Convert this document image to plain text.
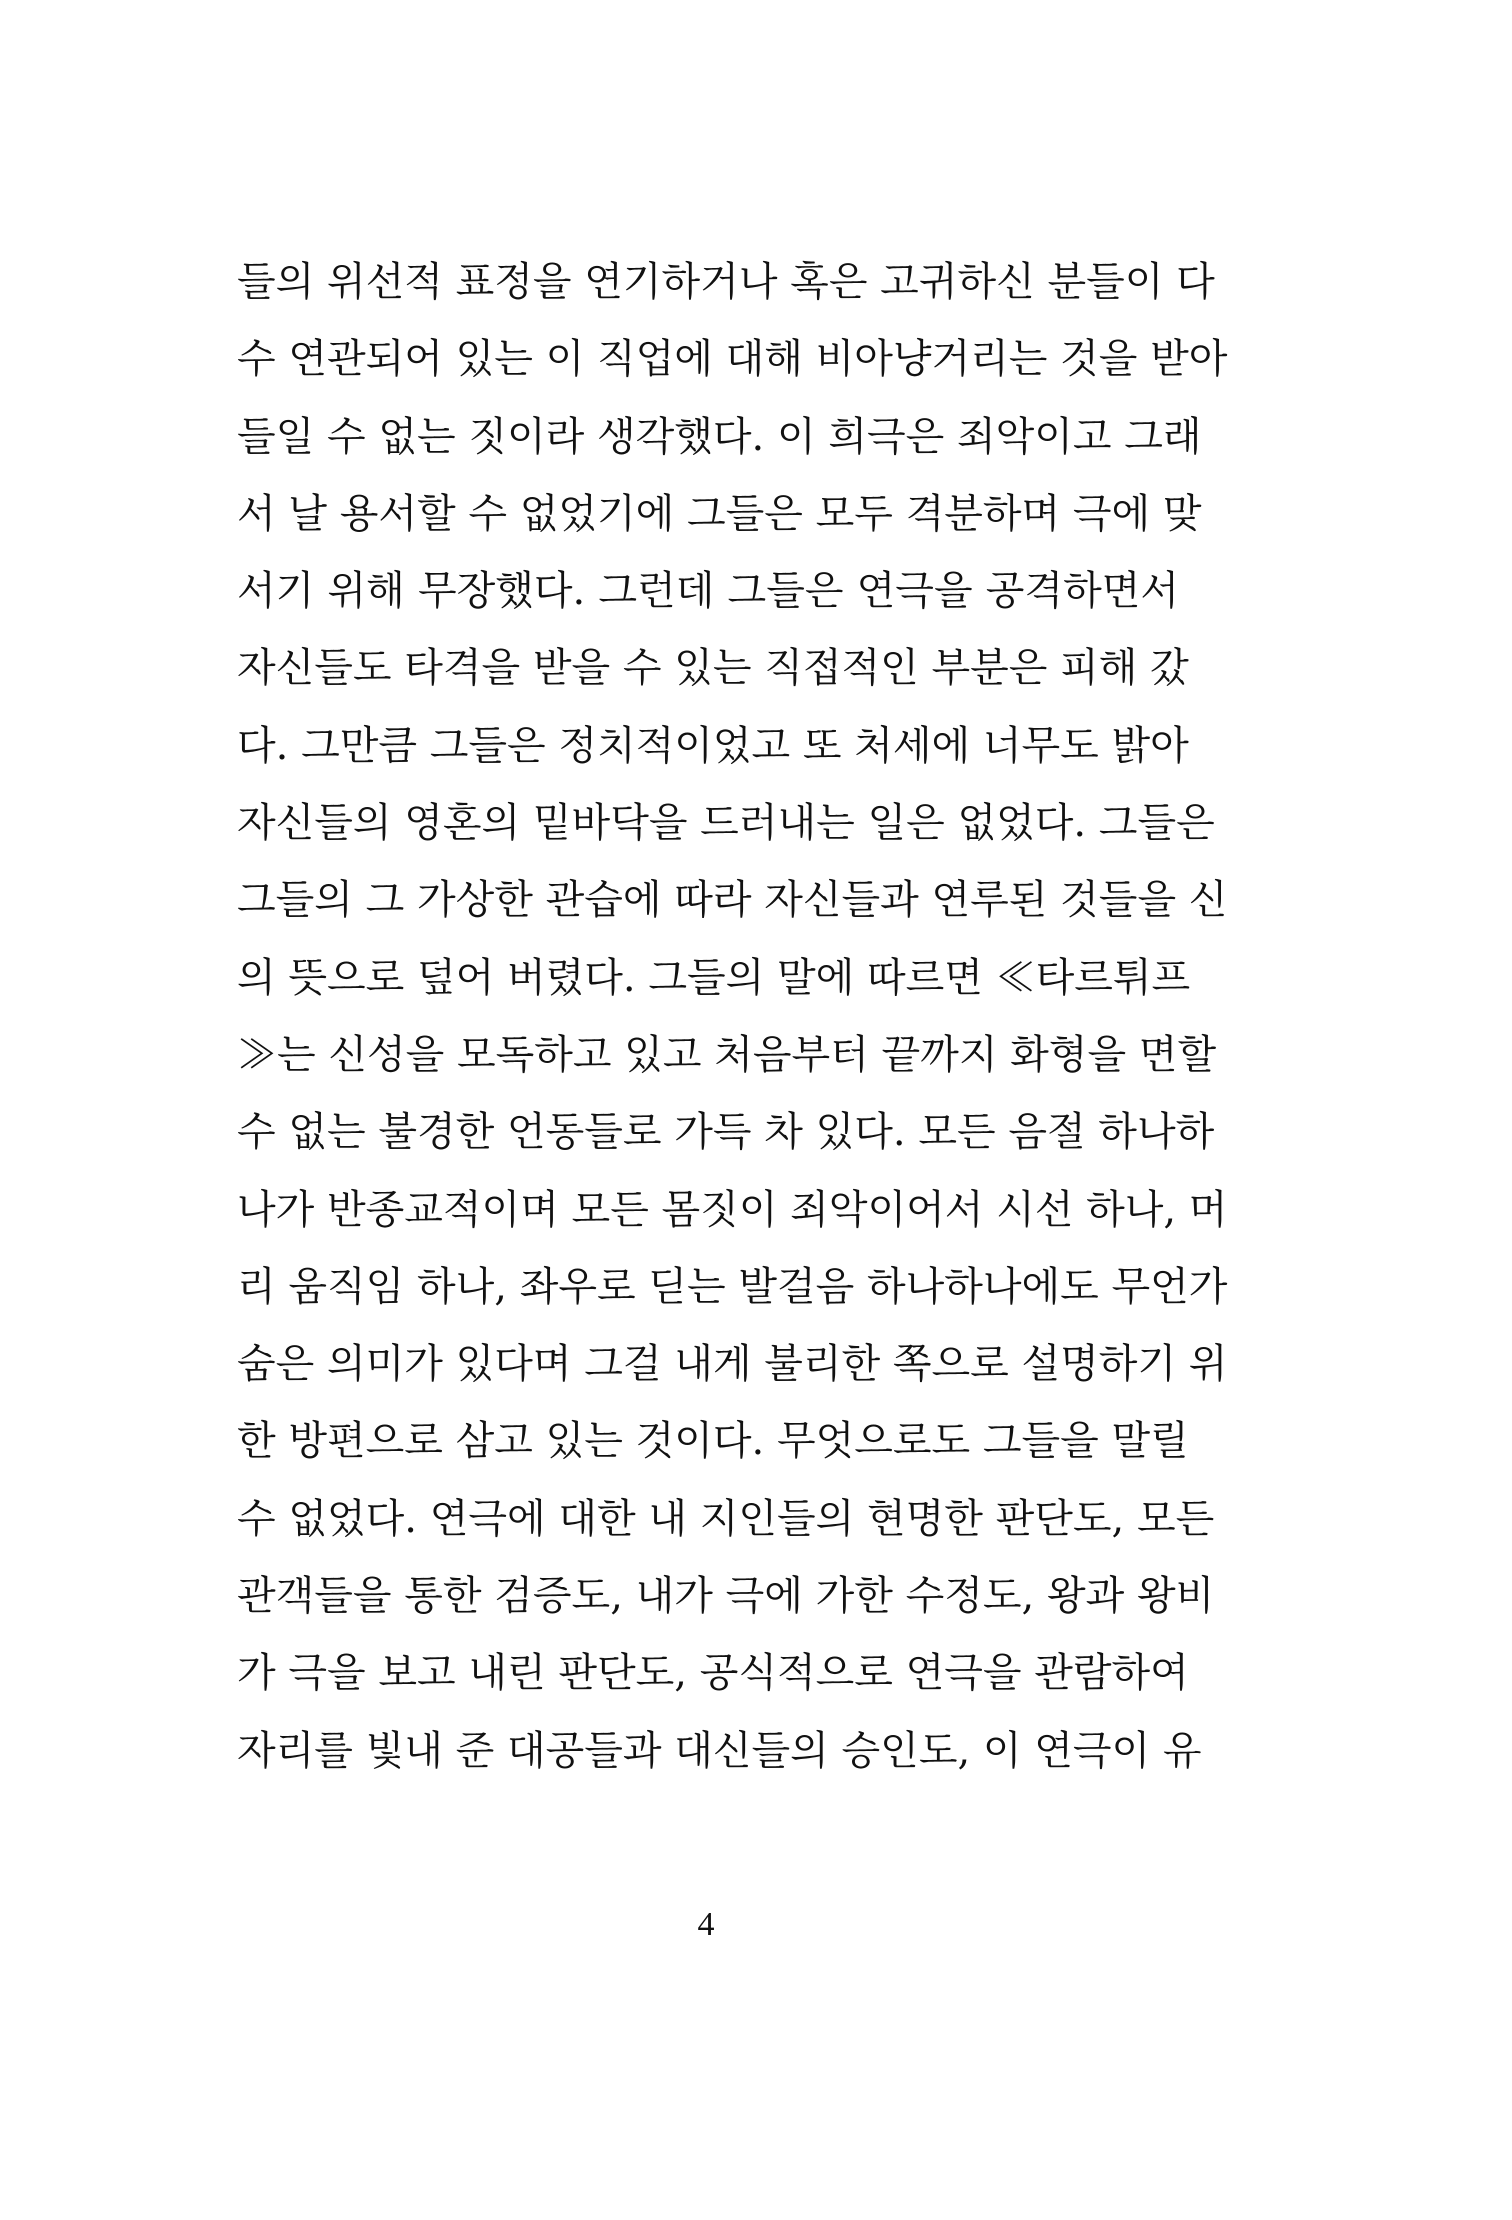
들의 위선적 표정을 연기하거나 혹은 고귀하신 분들이 다
수 연관되어 있는 이 직업에 대해 비아냥거리는 것을 받아
들일 수 없는 짓이라 생각했다. 이 희극은 죄악이고 그래
서 날 용서할 수 없었기에 그들은 모두 격분하며 극에 맞
서기 위해 무장했다. 그런데 그들은 연극을 공격하면서
자신들도 타격을 받을 수 있는 직접적인 부분은 피해 갔
다. 그만큼 그들은 정치적이었고 또 처세에 너무도 밝아
자신들의 영혼의 밑바닥을 드러내는 일은 없었다. 그들은
그들의 그 가상한 관습에 따라 자신들과 연루된 것들을 신
의 뜻으로 덮어 버렸다. 그들의 말에 따르면 ≪타르튀프
≫는 신성을 모독하고 있고 처음부터 끝까지 화형을 면할
수 없는 불경한 언동들로 가득 차 있다. 모든 음절 하나하
나가 반종교적이며 모든 몸짓이 죄악이어서 시선 하나, 머
리 움직임 하나, 좌우로 딛는 발걸음 하나하나에도 무언가
숨은 의미가 있다며 그걸 내게 불리한 쪽으로 설명하기 위
한 방편으로 삼고 있는 것이다. 무엇으로도 그들을 말릴
수 없었다. 연극에 대한 내 지인들의 현명한 판단도, 모든
관객들을 통한 검증도, 내가 극에 가한 수정도, 왕과 왕비
가 극을 보고 내린 판단도, 공식적으로 연극을 관람하여
자리를 빛내 준 대공들과 대신들의 승인도, 이 연극이 유
4
